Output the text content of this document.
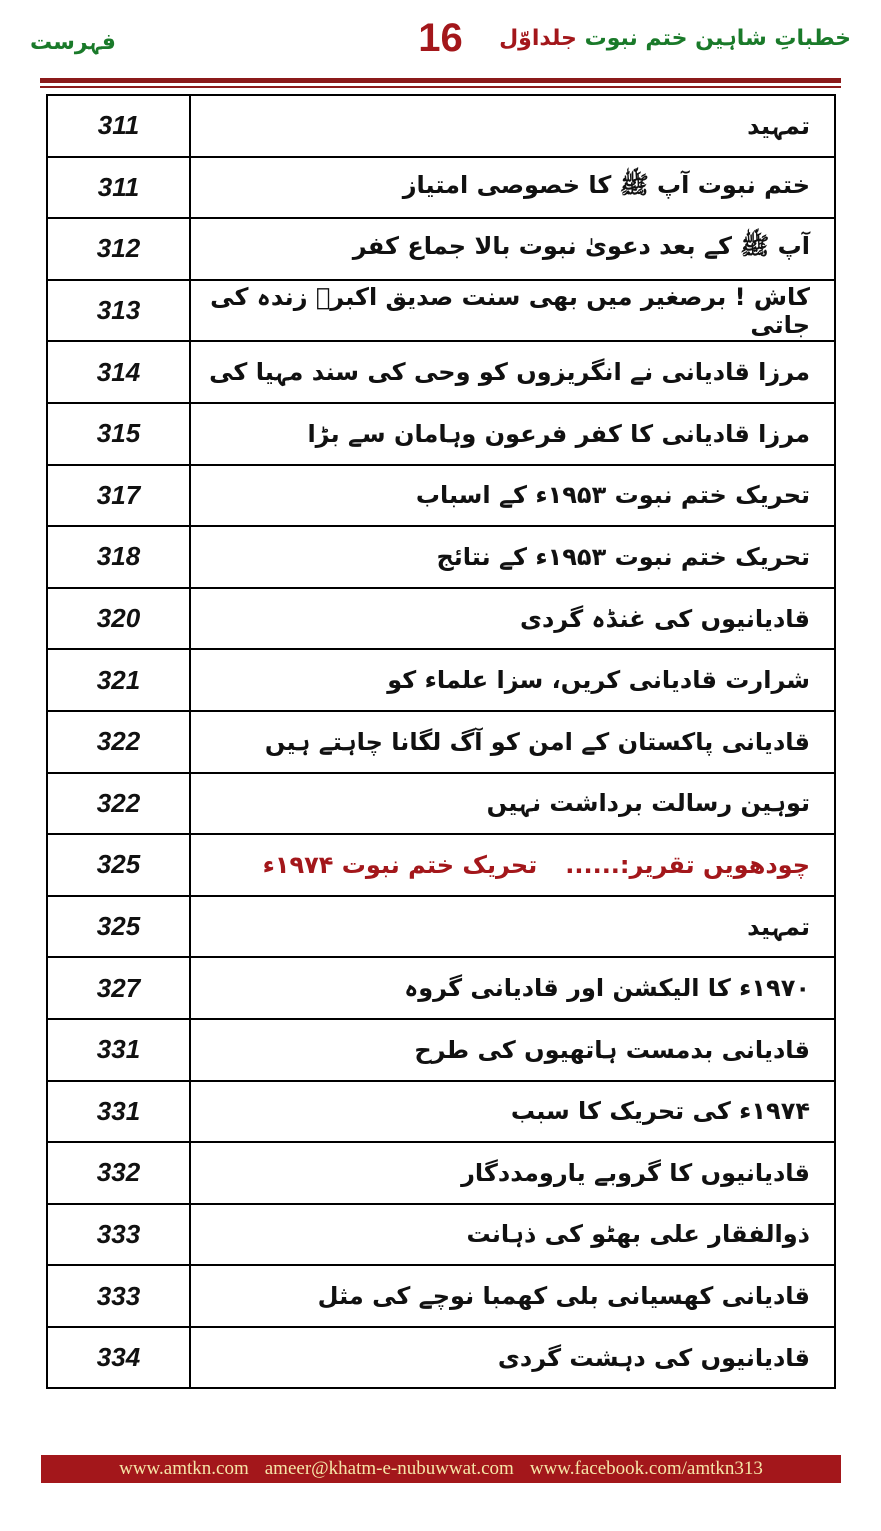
فہرست	16	خطباتِ شاہین ختم نبوت جلداوّل
311	تمہید
311	ختم نبوت آپ ﷺ کا خصوصی امتیاز
312	آپ ﷺ کے بعد دعویٰ نبوت بالا جماع کفر
313	کاش ! برصغیر میں بھی سنت صدیق اکبرؓ زندہ کی جاتی
314	مرزا قادیانی نے انگریزوں کو وحی کی سند مہیا کی
315	مرزا قادیانی کا کفر فرعون وہامان سے بڑا
317	تحریک ختم نبوت ۱۹۵۳ء کے اسباب
318	تحریک ختم نبوت ۱۹۵۳ء کے نتائج
320	قادیانیوں کی غنڈہ گردی
321	شرارت قادیانی کریں، سزا علماء کو
322	قادیانی پاکستان کے امن کو آگ لگانا چاہتے ہیں
322	توہین رسالت برداشت نہیں
325	چودھویں تقریر:......تحریک ختم نبوت ۱۹۷۴ء
325	تمہید
327	۱۹۷۰ء کا الیکشن اور قادیانی گروہ
331	قادیانی بدمست ہاتھیوں کی طرح
331	۱۹۷۴ء کی تحریک کا سبب
332	قادیانیوں کا گروبے یارومددگار
333	ذوالفقار علی بھٹو کی ذہانت
333	قادیانی کھسیانی بلی کھمبا نوچے کی مثل
334	قادیانیوں کی دہشت گردی
www.amtkn.com ameer@khatm-e-nubuwwat.com www.facebook.com/amtkn313
